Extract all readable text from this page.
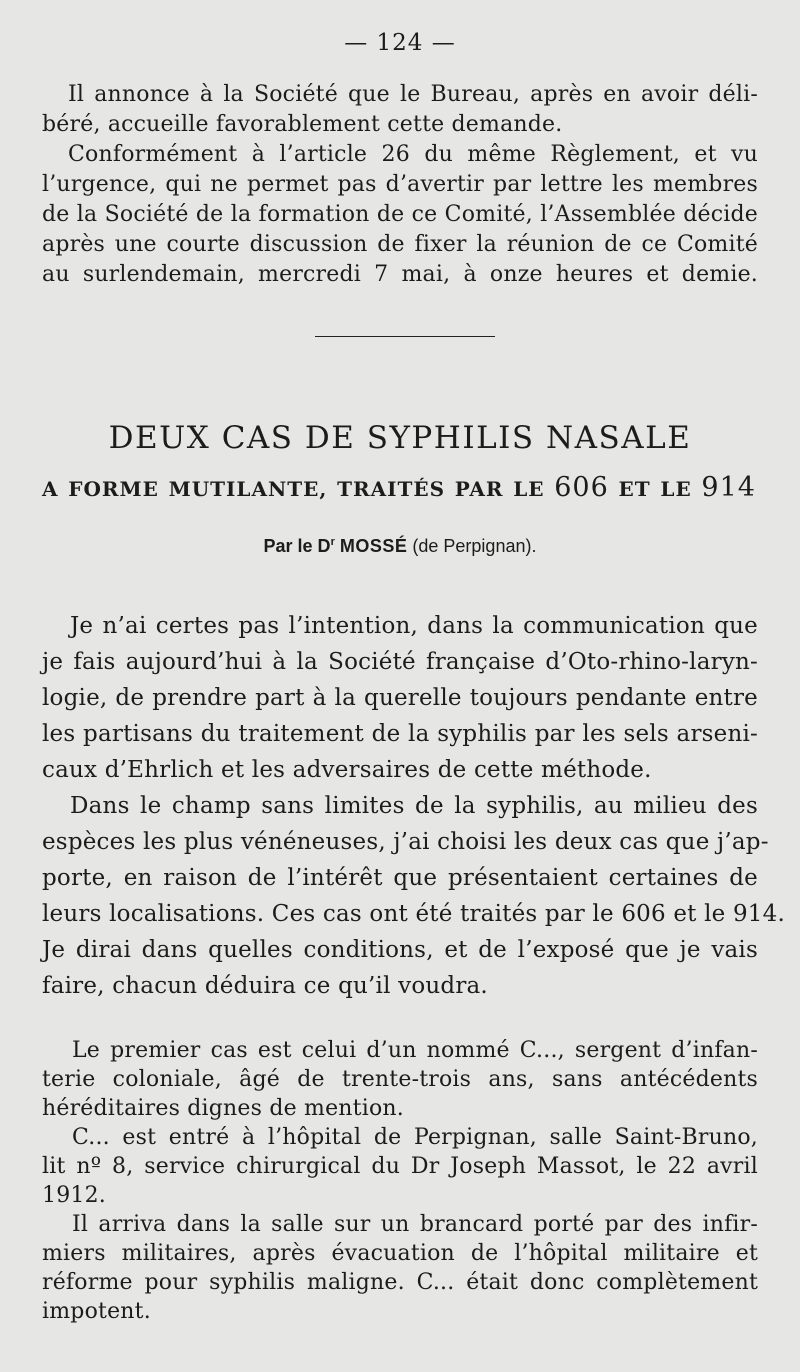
— 124 —
Il annonce à la Société que le Bureau, après en avoir déli-
béré, accueille favorablement cette demande.
Conformément à l’article 26 du même Règlement, et vu
l’urgence, qui ne permet pas d’avertir par lettre les membres
de la Société de la formation de ce Comité, l’Assemblée décide
après une courte discussion de fixer la réunion de ce Comité
au surlendemain, mercredi 7 mai, à onze heures et demie.
DEUX CAS DE SYPHILIS NASALE
A FORME MUTILANTE, TRAITÉS PAR LE 606 ET LE 914
Par le $D^r$ MOSSÉ (de Perpignan).
Je n’ai certes pas l’intention, dans la communication que
je fais aujourd’hui à la Société française d’Oto-rhino-laryn-
logie, de prendre part à la querelle toujours pendante entre
les partisans du traitement de la syphilis par les sels arseni-
caux d’Ehrlich et les adversaires de cette méthode.
Dans le champ sans limites de la syphilis, au milieu des
espèces les plus vénéneuses, j’ai choisi les deux cas que j’ap-
porte, en raison de l’intérêt que présentaient certaines de
leurs localisations. Ces cas ont été traités par le 606 et le 914.
Je dirai dans quelles conditions, et de l’exposé que je vais
faire, chacun déduira ce qu’il voudra.
Le premier cas est celui d’un nommé C..., sergent d’infan-
terie coloniale, âgé de trente-trois ans, sans antécédents
héréditaires dignes de mention.
C... est entré à l’hôpital de Perpignan, salle Saint-Bruno,
lit nº 8, service chirurgical du Dr Joseph Massot, le 22 avril
1912.
Il arriva dans la salle sur un brancard porté par des infir-
miers militaires, après évacuation de l’hôpital militaire et
réforme pour syphilis maligne. C... était donc complètement
impotent.
